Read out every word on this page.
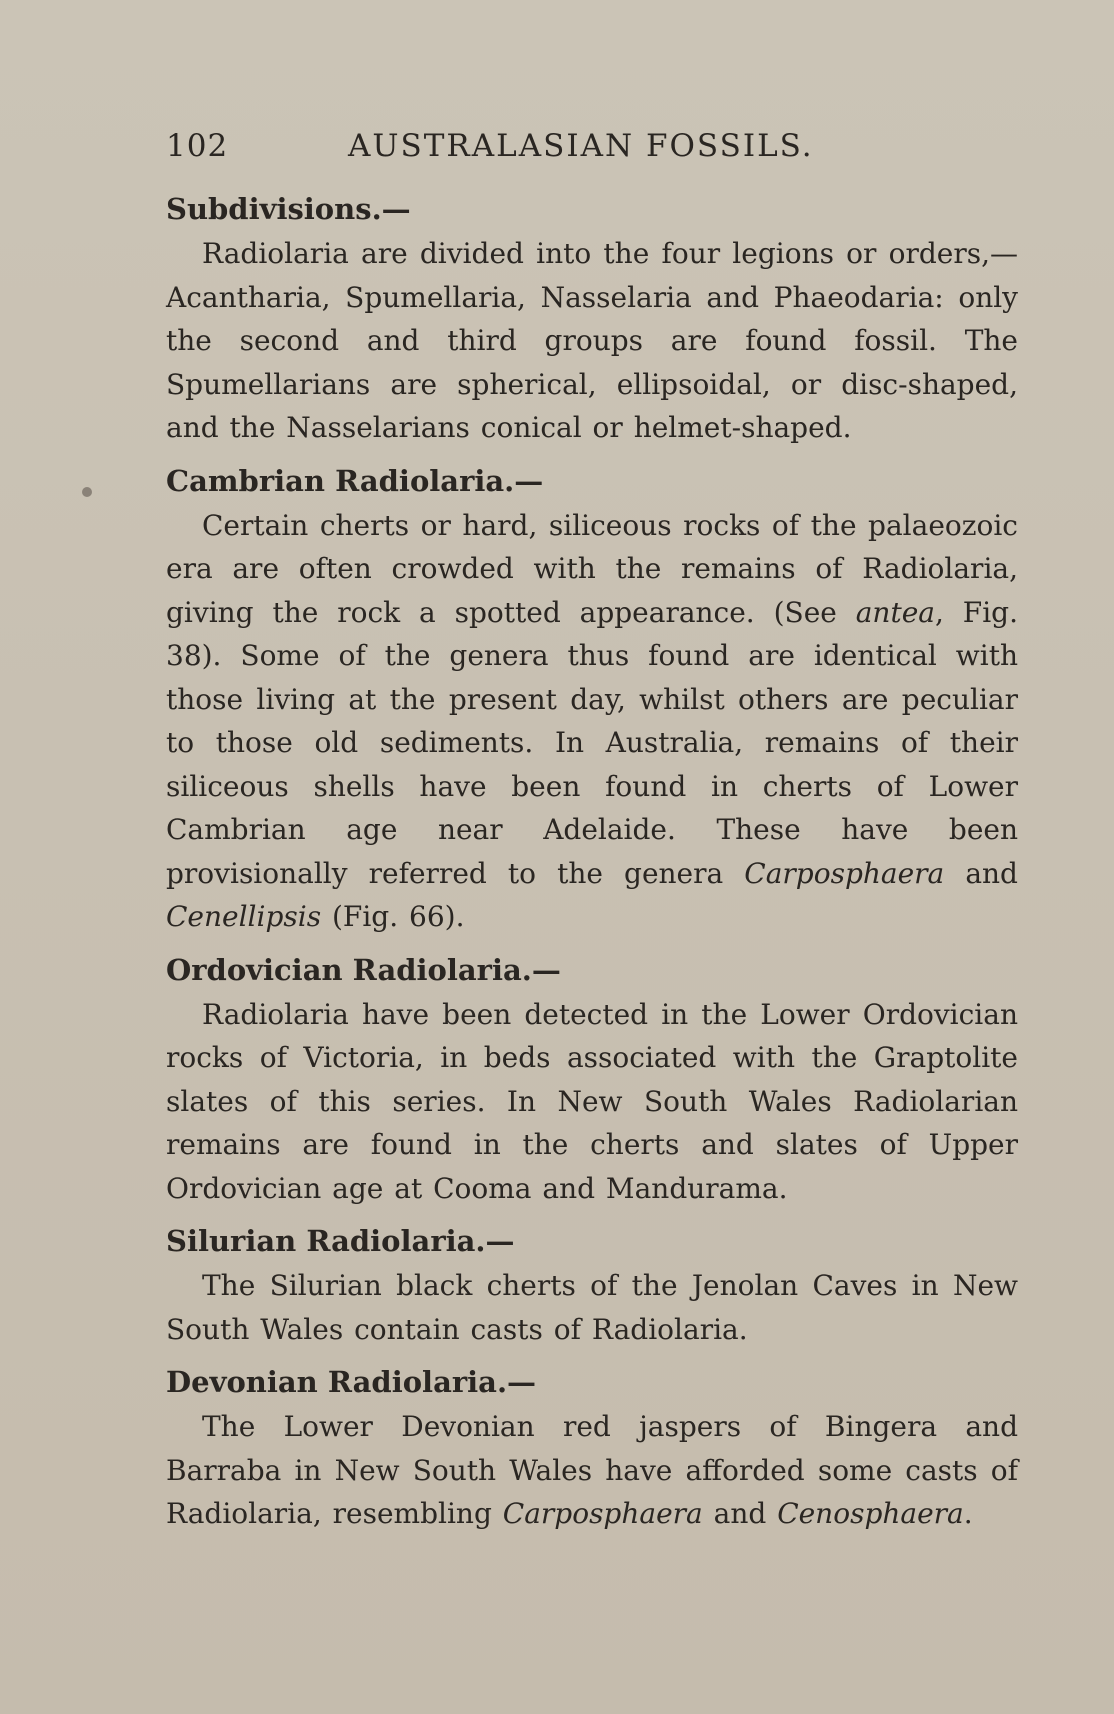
102	AUSTRALASIAN FOSSILS.
Subdivisions.—

Radiolaria are divided into the four legions or orders,—Acantharia, Spumellaria, Nasselaria and Phaeodaria: only the second and third groups are found fossil. The Spumellarians are spherical, ellipsoidal, or disc-shaped, and the Nasselarians conical or helmet-shaped.

Cambrian Radiolaria.—

Certain cherts or hard, siliceous rocks of the palaeozoic era are often crowded with the remains of Radiolaria, giving the rock a spotted appearance. (See antea, Fig. 38). Some of the genera thus found are identical with those living at the present day, whilst others are peculiar to those old sediments. In Australia, remains of their siliceous shells have been found in cherts of Lower Cambrian age near Adelaide. These have been provisionally referred to the genera Carposphaera and Cenellipsis (Fig. 66).

Ordovician Radiolaria.—

Radiolaria have been detected in the Lower Ordovician rocks of Victoria, in beds associated with the Graptolite slates of this series. In New South Wales Radiolarian remains are found in the cherts and slates of Upper Ordovician age at Cooma and Mandurama.

Silurian Radiolaria.—

The Silurian black cherts of the Jenolan Caves in New South Wales contain casts of Radiolaria.

Devonian Radiolaria.—

The Lower Devonian red jaspers of Bingera and Barraba in New South Wales have afforded some casts of Radiolaria, resembling Carposphaera and Cenosphaera.
